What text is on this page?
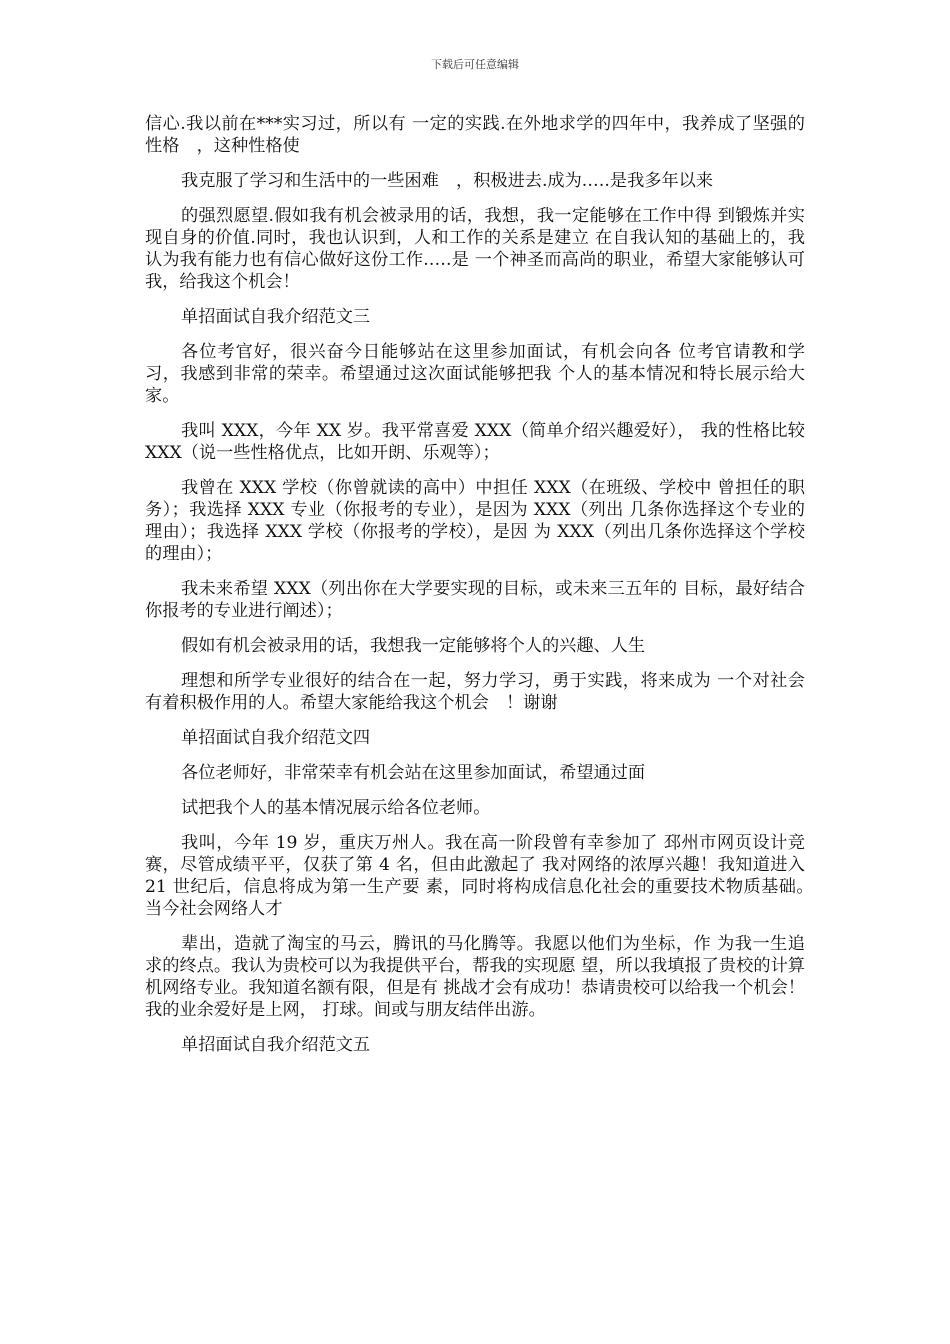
下载后可任意编辑

信心.我以前在***实习过，所以有 一定的实践.在外地求学的四年中，我养成了坚强的性格　，这种性格使

我克服了学习和生活中的一些困难　，积极进去.成为.….是我多年以来

的强烈愿望.假如我有机会被录用的话，我想，我一定能够在工作中得 到锻炼并实现自身的价值.同时，我也认识到，人和工作的关系是建立 在自我认知的基础上的，我认为我有能力也有信心做好这份工作.….是 一个神圣而高尚的职业，希望大家能够认可我，给我这个机会！

单招面试自我介绍范文三

各位考官好，很兴奋今日能够站在这里参加面试，有机会向各 位考官请教和学习，我感到非常的荣幸。希望通过这次面试能够把我 个人的基本情况和特长展示给大家。

我叫 XXX，今年 XX 岁。我平常喜爱 XXX（简单介绍兴趣爱好）， 我的性格比较 XXX（说一些性格优点，比如开朗、乐观等）；

我曾在 XXX 学校（你曾就读的高中）中担任 XXX（在班级、学校中 曾担任的职务）；我选择 XXX 专业（你报考的专业），是因为 XXX（列出 几条你选择这个专业的理由）；我选择 XXX 学校（你报考的学校），是因 为 XXX（列出几条你选择这个学校的理由）；

我未来希望 XXX（列出你在大学要实现的目标，或未来三五年的 目标，最好结合你报考的专业进行阐述）；

假如有机会被录用的话，我想我一定能够将个人的兴趣、人生

理想和所学专业很好的结合在一起，努力学习，勇于实践，将来成为 一个对社会有着积极作用的人。希望大家能给我这个机会　！谢谢

单招面试自我介绍范文四

各位老师好，非常荣幸有机会站在这里参加面试，希望通过面

试把我个人的基本情况展示给各位老师。

我叫，今年 19 岁，重庆万州人。我在高一阶段曾有幸参加了 邳州市网页设计竞赛，尽管成绩平平，仅获了第 4 名，但由此激起了 我对网络的浓厚兴趣！我知道进入 21 世纪后，信息将成为第一生产要 素，同时将构成信息化社会的重要技术物质基础。　当今社会网络人才

辈出，造就了淘宝的马云，腾讯的马化腾等。我愿以他们为坐标，作 为我一生追求的终点。我认为贵校可以为我提供平台，帮我的实现愿 望，所以我填报了贵校的计算机网络专业。我知道名额有限，但是有 挑战才会有成功！恭请贵校可以给我一个机会！我的业余爱好是上网， 打球。间或与朋友结伴出游。

单招面试自我介绍范文五
